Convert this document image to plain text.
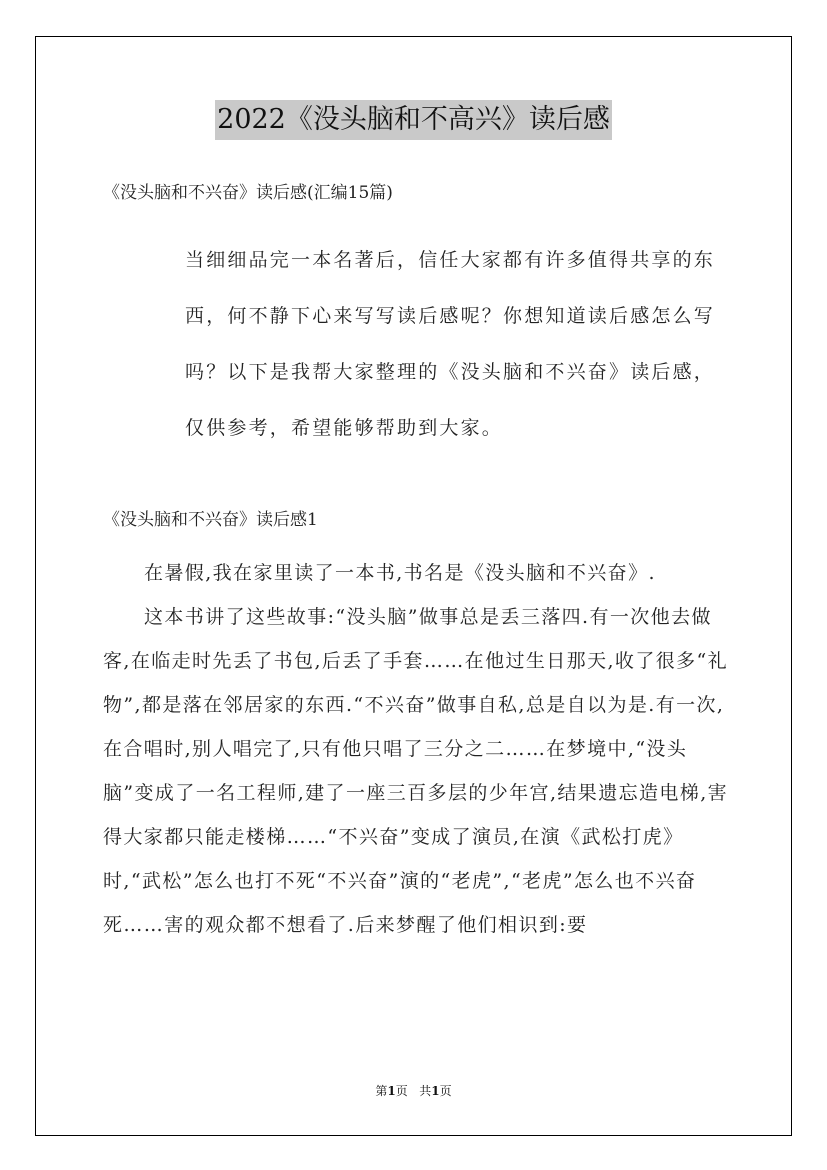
2022《没头脑和不高兴》读后感
《没头脑和不兴奋》读后感(汇编15篇)

当细细品完一本名著后，信任大家都有许多值得共享的东西，何不静下心来写写读后感呢？你想知道读后感怎么写吗？以下是我帮大家整理的《没头脑和不兴奋》读后感，仅供参考，希望能够帮助到大家。

《没头脑和不兴奋》读后感1

在暑假,我在家里读了一本书,书名是《没头脑和不兴奋》.

这本书讲了这些故事:“没头脑”做事总是丢三落四.有一次他去做客,在临走时先丢了书包,后丢了手套……在他过生日那天,收了很多“礼物”,都是落在邻居家的东西.“不兴奋”做事自私,总是自以为是.有一次,在合唱时,别人唱完了,只有他只唱了三分之二……在梦境中,“没头脑”变成了一名工程师,建了一座三百多层的少年宫,结果遗忘造电梯,害得大家都只能走楼梯……“不兴奋”变成了演员,在演《武松打虎》时,“武松”怎么也打不死“不兴奋”演的“老虎”,“老虎”怎么也不兴奋死……害的观众都不想看了.后来梦醒了他们相识到:要

第1页 共1页
